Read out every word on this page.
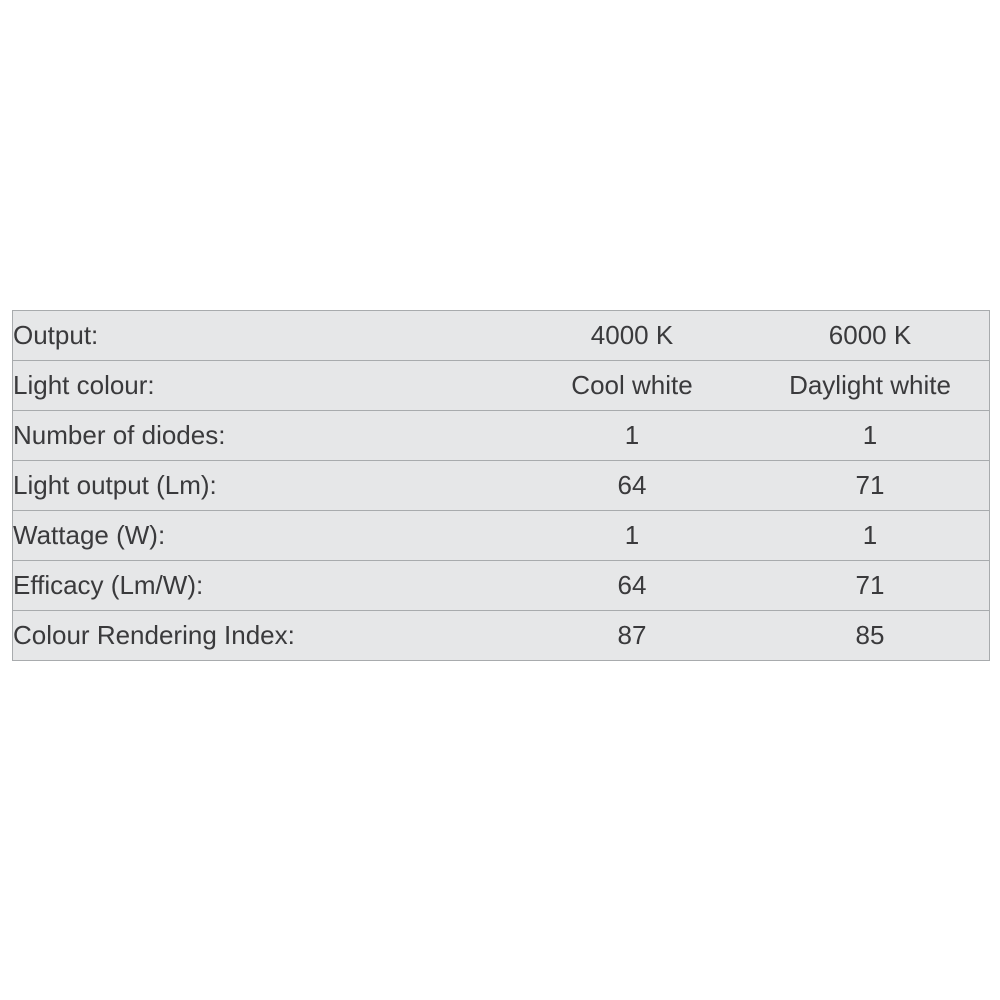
Output:	4000 K	6000 K
Light colour:	Cool white	Daylight white
Number of diodes:	1	1
Light output (Lm):	64	71
Wattage (W):	1	1
Efficacy (Lm/W):	64	71
Colour Rendering Index:	87	85
